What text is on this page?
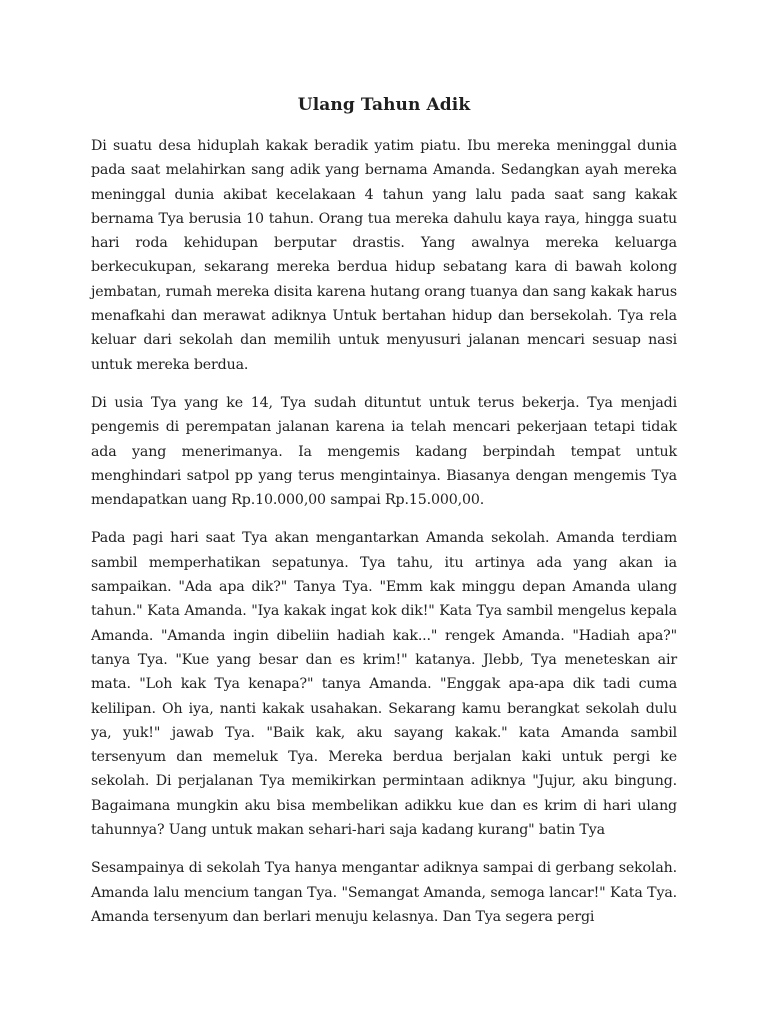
Ulang Tahun Adik

Di suatu desa hiduplah kakak beradik yatim piatu. Ibu mereka meninggal dunia pada saat melahirkan sang adik yang bernama Amanda. Sedangkan ayah mereka meninggal dunia akibat kecelakaan 4 tahun yang lalu pada saat sang kakak bernama Tya berusia 10 tahun. Orang tua mereka dahulu kaya raya, hingga suatu hari roda kehidupan berputar drastis. Yang awalnya mereka keluarga berkecukupan, sekarang mereka berdua hidup sebatang kara di bawah kolong jembatan, rumah mereka disita karena hutang orang tuanya dan sang kakak harus menafkahi dan merawat adiknya Untuk bertahan hidup dan bersekolah. Tya rela keluar dari sekolah dan memilih untuk menyusuri jalanan mencari sesuap nasi untuk mereka berdua.

Di usia Tya yang ke 14, Tya sudah dituntut untuk terus bekerja. Tya menjadi pengemis di perempatan jalanan karena ia telah mencari pekerjaan tetapi tidak ada yang menerimanya. Ia mengemis kadang berpindah tempat untuk menghindari satpol pp yang terus mengintainya. Biasanya dengan mengemis Tya mendapatkan uang Rp.10.000,00 sampai Rp.15.000,00.

Pada pagi hari saat Tya akan mengantarkan Amanda sekolah. Amanda terdiam sambil memperhatikan sepatunya. Tya tahu, itu artinya ada yang akan ia sampaikan. "Ada apa dik?" Tanya Tya. "Emm kak minggu depan Amanda ulang tahun." Kata Amanda. "Iya kakak ingat kok dik!" Kata Tya sambil mengelus kepala Amanda. "Amanda ingin dibeliin hadiah kak..." rengek Amanda. "Hadiah apa?" tanya Tya. "Kue yang besar dan es krim!" katanya. Jlebb, Tya meneteskan air mata. "Loh kak Tya kenapa?" tanya Amanda. "Enggak apa-apa dik tadi cuma kelilipan. Oh iya, nanti kakak usahakan. Sekarang kamu berangkat sekolah dulu ya, yuk!" jawab Tya. "Baik kak, aku sayang kakak." kata Amanda sambil tersenyum dan memeluk Tya. Mereka berdua berjalan kaki untuk pergi ke sekolah. Di perjalanan Tya memikirkan permintaan adiknya "Jujur, aku bingung. Bagaimana mungkin aku bisa membelikan adikku kue dan es krim di hari ulang tahunnya? Uang untuk makan sehari-hari saja kadang kurang" batin Tya

Sesampainya di sekolah Tya hanya mengantar adiknya sampai di gerbang sekolah. Amanda lalu mencium tangan Tya. "Semangat Amanda, semoga lancar!" Kata Tya. Amanda tersenyum dan berlari menuju kelasnya. Dan Tya segera pergi
